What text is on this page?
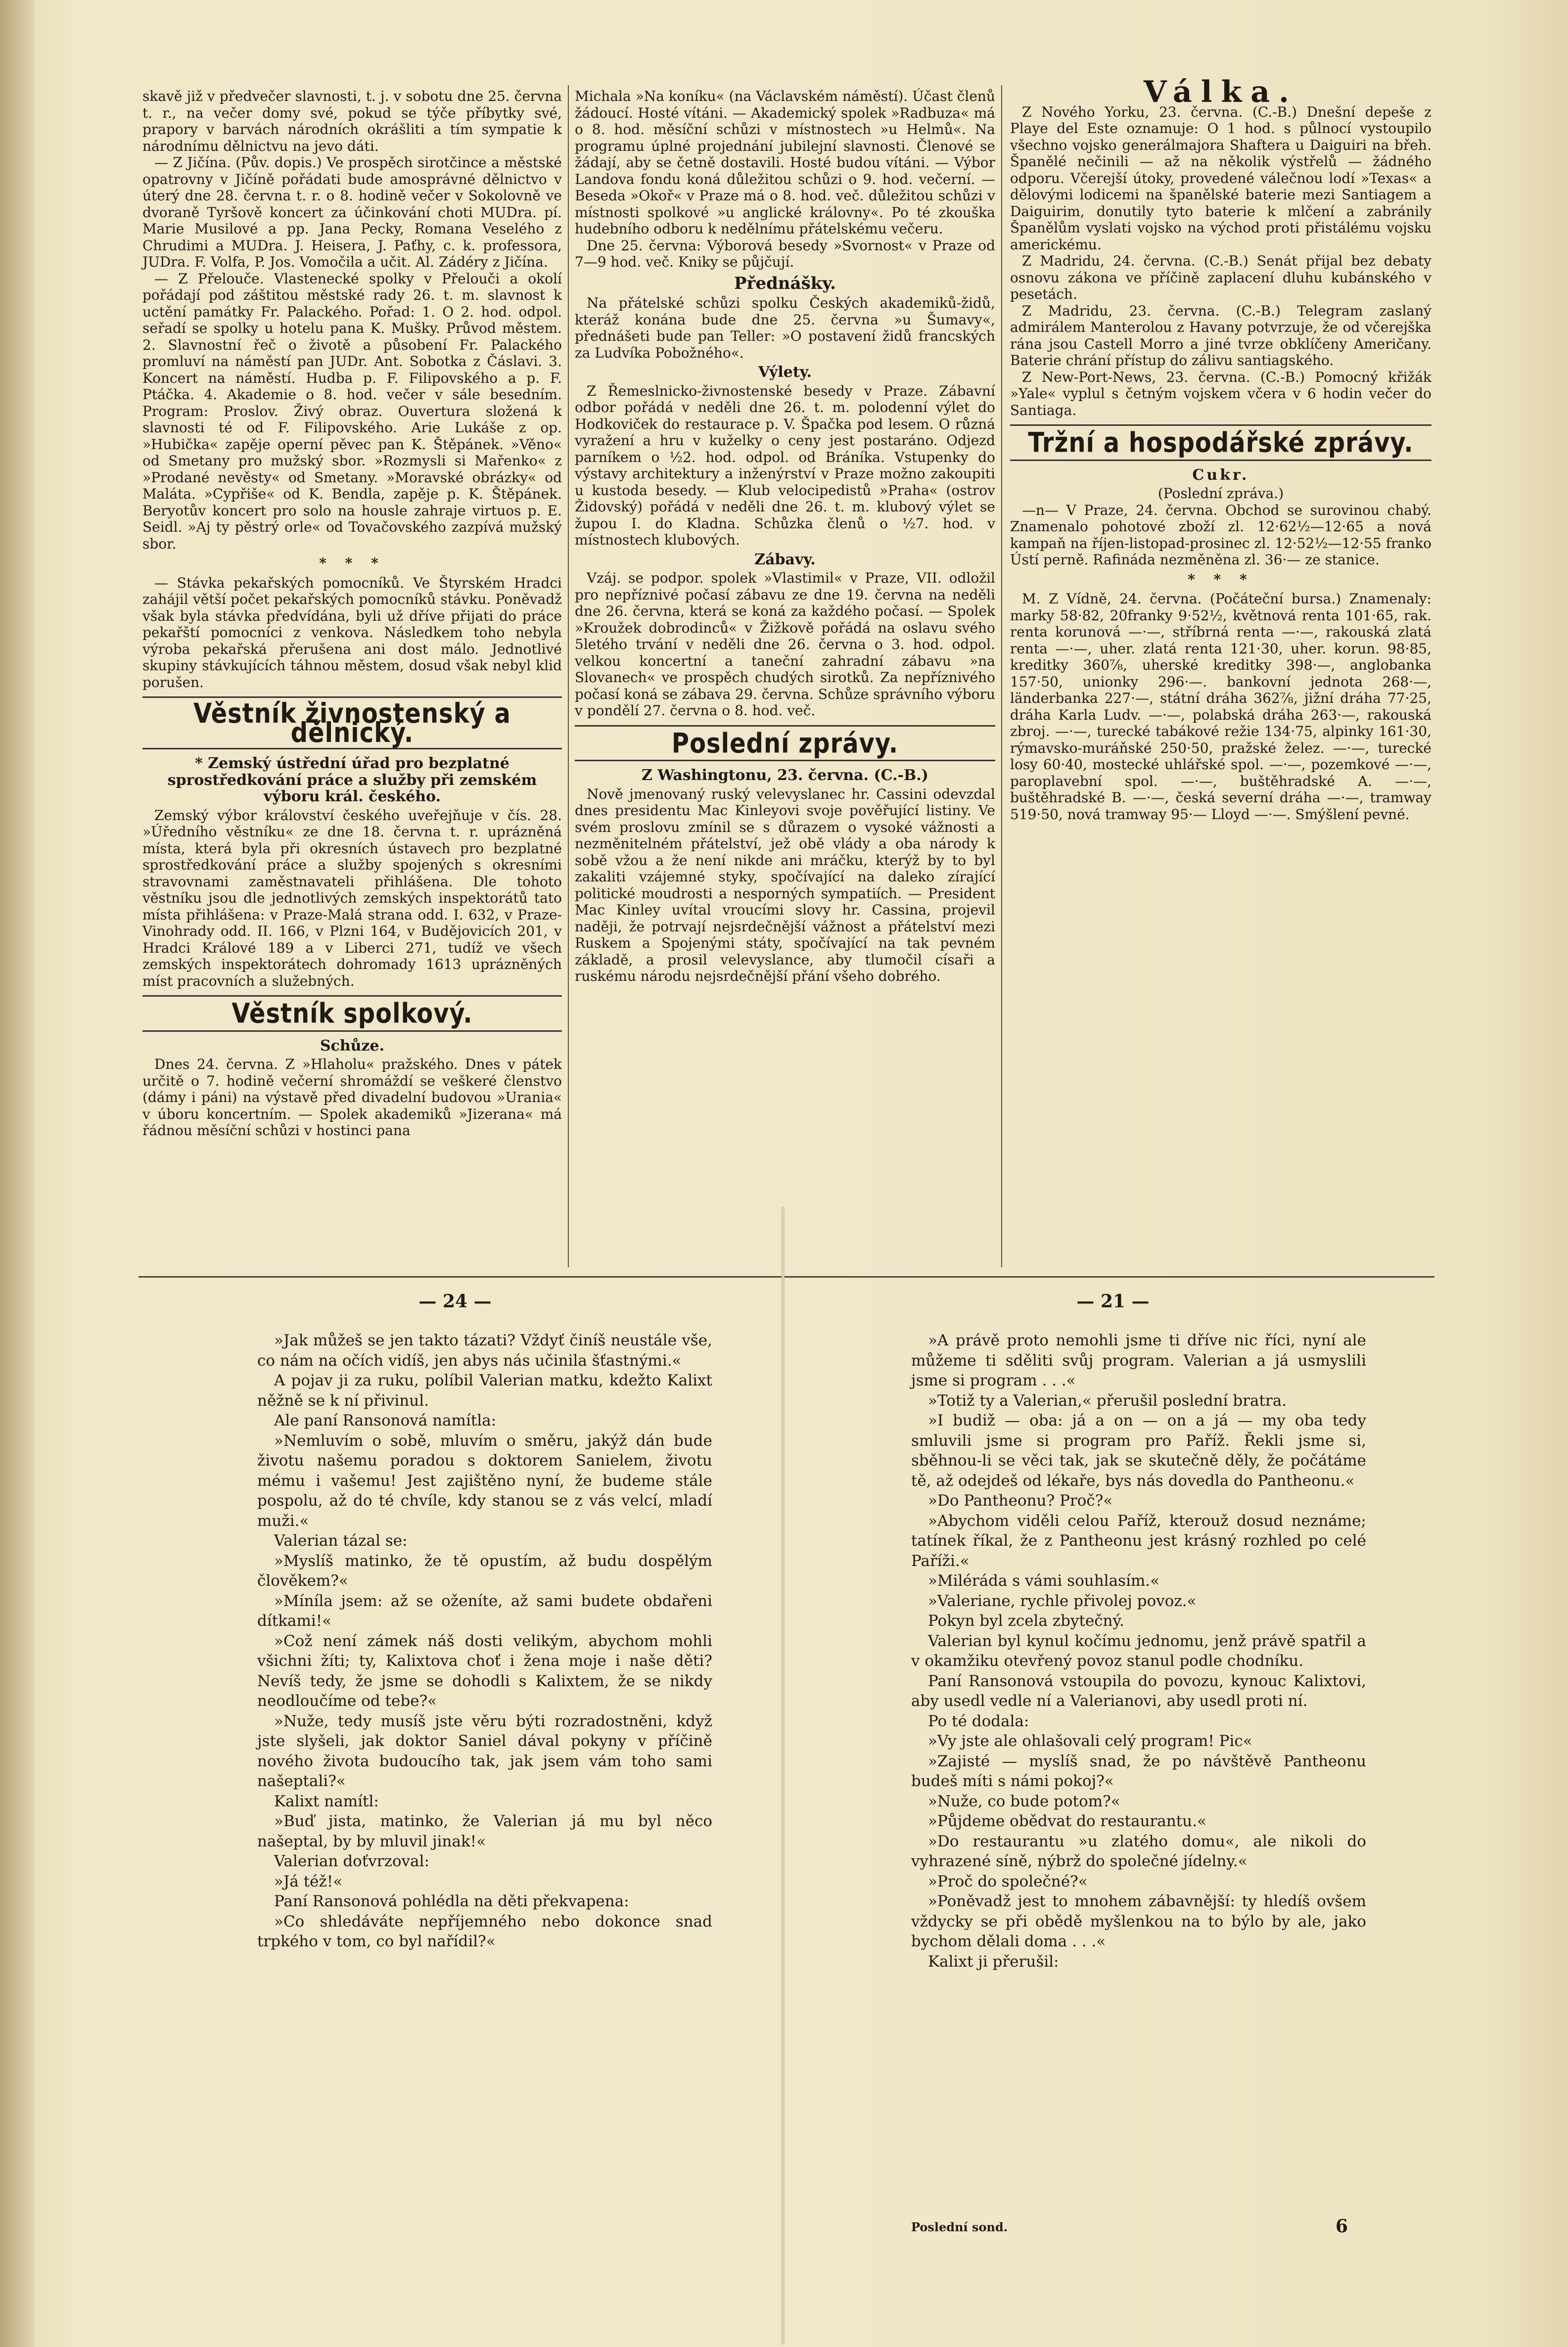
skavě již v předvečer slavnosti, t. j. v sobotu dne 25. června t. r., na večer domy své, pokud se týče příbytky své, prapory v barvách národních okrášliti a tím sympatie k národnímu dělnictvu na jevo dáti.

— Z Jičína. (Pův. dopis.) Ve prospěch sirotčince a městské opatrovny v Jičíně pořádati bude amosprávné dělnictvo v úterý dne 28. června t. r. o 8. hodině večer v Sokolovně ve dvoraně Tyršově koncert za účinkování choti MUDra. pí. Marie Musilové a pp. Jana Pecky, Romana Veselého z Chrudimi a MUDra. J. Heisera, J. Paťhy, c. k. professora, JUDra. F. Volfa, P. Jos. Vomočila a učit. Al. Zádéry z Jičína.

— Z Přelouče. Vlastenecké spolky v Přelouči a okolí pořádají pod záštitou městské rady 26. t. m. slavnost k uctění památky Fr. Palackého. Pořad: 1. O 2. hod. odpol. seřadí se spolky u hotelu pana K. Mušky. Průvod městem. 2. Slavnostní řeč o životě a působení Fr. Palackého promluví na náměstí pan JUDr. Ant. Sobotka z Čáslavi. 3. Koncert na náměstí. Hudba p. F. Filipovského a p. F. Ptáčka. 4. Akademie o 8. hod. večer v sále besedním. Program: Proslov. Živý obraz. Ouvertura složená k slavnosti té od F. Filipovského. Arie Lukáše z op. »Hubička« zapěje operní pěvec pan K. Štěpánek. »Věno« od Smetany pro mužský sbor. »Rozmysli si Mařenko« z »Prodané nevěsty« od Smetany. »Moravské obrázky« od Maláta. »Cypřiše« od K. Bendla, zapěje p. K. Štěpánek. Beryotův koncert pro solo na housle zahraje virtuos p. E. Seidl. »Aj ty pěstrý orle« od Tovačovského zazpívá mužský sbor.

* * *

— Stávka pekařských pomocníků. Ve Štyrském Hradci zahájil větší počet pekařských pomocníků stávku. Poněvadž však byla stávka předvídána, byli už dříve přijati do práce pekařští pomocníci z venkova. Následkem toho nebyla výroba pekařská přerušena ani dost málo. Jednotlivé skupiny stávkujících táhnou městem, dosud však nebyl klid porušen.

Věstník živnostenský a dělnický.
* Zemský ústřední úřad pro bezplatné sprostředkování práce a služby při zemském výboru král. českého.

Zemský výbor království českého uveřejňuje v čís. 28. »Úředního věstníku« ze dne 18. června t. r. uprázněná místa, která byla při okresních ústavech pro bezplatné sprostředkování práce a služby spojených s okresními stravovnami zaměstnavateli přihlášena. Dle tohoto věstníku jsou dle jednotlivých zemských inspektorátů tato místa přihlášena: v Praze-Malá strana odd. I. 632, v Praze-Vinohrady odd. II. 166, v Plzni 164, v Budějovicích 201, v Hradci Králové 189 a v Liberci 271, tudíž ve všech zemských inspektorátech dohromady 1613 uprázněných míst pracovních a služebných.

Věstník spolkový.
Schůze.

Dnes 24. června. Z »Hlaholu« pražského. Dnes v pátek určitě o 7. hodině večerní shromáždí se veškeré členstvo (dámy i páni) na výstavě před divadelní budovou »Urania« v úboru koncertním. — Spolek akademiků »Jizerana« má řádnou měsíční schůzi v hostinci pana

Michala »Na koníku« (na Václavském náměstí). Účast členů žádoucí. Hosté vítáni. — Akademický spolek »Radbuza« má o 8. hod. měsíční schůzi v místnostech »u Helmů«. Na programu úplné projednání jubilejní slavnosti. Členové se žádají, aby se četně dostavili. Hosté budou vítáni. — Výbor Landova fondu koná důležitou schůzi o 9. hod. večerní. — Beseda »Okoř« v Praze má o 8. hod. več. důležitou schůzi v místnosti spolkové »u anglické královny«. Po té zkouška hudebního odboru k nedělnímu přátelskému večeru.

Dne 25. června: Výborová besedy »Svornost« v Praze od 7—9 hod. več. Kniky se půjčují.

Přednášky.

Na přátelské schůzi spolku Českých akademiků-židů, kteráž konána bude dne 25. června »u Šumavy«, přednášeti bude pan Teller: »O postavení židů francských za Ludvíka Pobožného«.

Výlety.

Z Řemeslnicko-živnostenské besedy v Praze. Zábavní odbor pořádá v neděli dne 26. t. m. polodenní výlet do Hodkoviček do restaurace p. V. Špačka pod lesem. O různá vyražení a hru v kuželky o ceny jest postaráno. Odjezd parníkem o ½2. hod. odpol. od Bráníka. Vstupenky do výstavy architektury a inženýrství v Praze možno zakoupiti u kustoda besedy. — Klub velocipedistů »Praha« (ostrov Židovský) pořádá v neděli dne 26. t. m. klubový výlet se župou I. do Kladna. Schůzka členů o ½7. hod. v místnostech klubových.

Zábavy.

Vzáj. se podpor. spolek »Vlastimil« v Praze, VII. odložil pro nepříznivé počasí zábavu ze dne 19. června na neděli dne 26. června, která se koná za každého počasí. — Spolek »Kroužek dobrodinců« v Žižkově pořádá na oslavu svého 5letého trvání v neděli dne 26. června o 3. hod. odpol. velkou koncertní a taneční zahradní zábavu »na Slovanech« ve prospěch chudých sirotků. Za nepříznivého počasí koná se zábava 29. června. Schůze správního výboru v pondělí 27. června o 8. hod. več.

Poslední zprávy.
Z Washingtonu, 23. června. (C.-B.)

Nově jmenovaný ruský velevyslanec hr. Cassini odevzdal dnes presidentu Mac Kinleyovi svoje pověřující listiny. Ve svém proslovu zmínil se s důrazem o vysoké vážnosti a nezměnitelném přátelství, jež obě vlády a oba národy k sobě vžou a že není nikde ani mráčku, kterýž by to byl zakaliti vzájemné styky, spočívající na daleko zírající politické moudrosti a nesporných sympatiích. — President Mac Kinley uvítal vroucími slovy hr. Cassina, projevil naději, že potrvají nejsrdečnější vážnost a přátelství mezi Ruskem a Spojenými státy, spočívající na tak pevném základě, a prosil velevyslance, aby tlumočil císaři a ruskému národu nejsrdečnější přání všeho dobrého.

Válka.

Z Nového Yorku, 23. června. (C.-B.) Dnešní depeše z Playe del Este oznamuje: O 1 hod. s půlnocí vystoupilo všechno vojsko generálmajora Shaftera u Daiguiri na břeh. Španělé nečinili — až na několik výstřelů — žádného odporu. Včerejší útoky, provedené válečnou lodí »Texas« a dělovými lodicemi na španělské baterie mezi Santiagem a Daiguirim, donutily tyto baterie k mlčení a zabránily Španělům vyslati vojsko na východ proti přistálému vojsku americkému.

Z Madridu, 24. června. (C.-B.) Senát přijal bez debaty osnovu zákona ve příčině zaplacení dluhu kubánského v pesetách.

Z Madridu, 23. června. (C.-B.) Telegram zaslaný admirálem Manterolou z Havany potvrzuje, že od včerejška rána jsou Castell Morro a jiné tvrze obklíčeny Američany. Baterie chrání přístup do zálivu santiagského.

Z New-Port-News, 23. června. (C.-B.) Pomocný křižák »Yale« vyplul s četným vojskem včera v 6 hodin večer do Santiaga.

Tržní a hospodářské zprávy.
Cukr.
(Poslední zpráva.)

—n— V Praze, 24. června. Obchod se surovinou chabý. Znamenalo pohotové zboží zl. 12·62½—12·65 a nová kampaň na říjen-listopad-prosinec zl. 12·52½—12·55 franko Ústí perně. Rafinádа nezměněna zl. 36·— ze stanice.

* * *

M. Z Vídně, 24. června. (Počáteční bursa.) Znamenaly: marky 58·82, 20franky 9·52½, květnová renta 101·65, rak. renta korunová —·—, stříbrná renta —·—, rakouská zlatá renta —·—, uher. zlatá renta 121·30, uher. korun. 98·85, kreditky 360⅞, uherské kreditky 398·—, anglobanka 157·50, unionky 296·—. bankovní jednota 268·—, länderbanka 227·—, státní dráha 362⅞, jižní dráha 77·25, dráha Karla Ludv. —·—, polabská dráha 263·—, rakouská zbroj. —·—, turecké tabákové režie 134·75, alpinky 161·30, rýmavsko-muráňské 250·50, pražské želez. —·—, turecké losy 60·40, mostecké uhlářské spol. —·—, pozemkové —·—, paroplavební spol. —·—, buštěhradské A. —·—, buštěhradské B. —·—, česká severní dráha —·—, tramway 519·50, nová tramway 95·— Lloyd —·—. Smýšlení pevné.

— 24 —	— 21 —

»Jak můžeš se jen takto tázati? Vždyť činíš neustále vše, co nám na očích vidíš, jen abys nás učinila šťastnými.«

A pojav ji za ruku, políbil Valerian matku, kdežto Kalixt něžně se k ní přivinul.

Ale paní Ransonová namítla:

»Nemluvím o sobě, mluvím o směru, jakýž dán bude životu našemu poradou s doktorem Sanielem, životu mému i vašemu! Jest zajištěno nyní, že budeme stále pospolu, až do té chvíle, kdy stanou se z vás velcí, mladí muži.«

Valerian tázal se:

»Myslíš matinko, že tě opustím, až budu dospělým člověkem?«

»Míníla jsem: až se oženíte, až sami budete obdařeni dítkami!«

»Což není zámek náš dosti velikým, abychom mohli všichni žíti; ty, Kalixtova choť i žena moje i naše děti? Nevíš tedy, že jsme se dohodli s Kalixtem, že se nikdy neodloučíme od tebe?«

»Nuže, tedy musíš jste věru býti rozradostněni, když jste slyšeli, jak doktor Saniel dával pokyny v příčině nového života budoucího tak, jak jsem vám toho sami našeptali?«

Kalixt namítl:

»Buď jista, matinko, že Valerian já mu byl něco našeptal, by by mluvil jinak!«

Valerian doťvrzoval:

»Já též!«

Paní Ransonová pohlédla na děti překvapena:

»Co shledáváte nepříjemného nebo dokonce snad trpkého v tom, co byl nařídil?«

»A právě proto nemohli jsme ti dříve nic říci, nyní ale můžeme ti sděliti svůj program. Valerian a já usmyslili jsme si program . . .«

»Totiž ty a Valerian,« přerušil poslední bratra.

»I budiž — oba: já a on — on a já — my oba tedy smluvili jsme si program pro Paříž. Řekli jsme si, sběhnou-li se věci tak, jak se skutečně děly, že počátáme tě, až odejdeš od lékaře, bys nás dovedla do Pantheonu.«

»Do Pantheonu? Proč?«

»Abychom viděli celou Paříž, kterouž dosud neznáme; tatínek říkal, že z Pantheonu jest krásný rozhled po celé Paříži.«

»Miléráda s vámi souhlasím.«

»Valeriane, rychle přivolej povoz.«

Pokyn byl zcela zbytečný.

Valerian byl kynul kočímu jednomu, jenž právě spatřil a v okamžiku otevřený povoz stanul podle chodníku.

Paní Ransonová vstoupila do povozu, kynouc Kalixtovi, aby usedl vedle ní a Valerianovi, aby usedl proti ní.

Po té dodala:

»Vy jste ale ohlašovali celý program! Pic«

»Zajisté — myslíš snad, že po návštěvě Pantheonu budeš míti s námi pokoj?«

»Nuže, co bude potom?«

»Půjdeme obědvat do restaurantu.«

»Do restaurantu »u zlatého domu«, ale nikoli do vyhrazené síně, nýbrž do společné jídelny.«

»Proč do společné?«

»Poněvadž jest to mnohem zábavnější: ty hledíš ovšem vždycky se při obědě myšlenkou na to býlo by ale, jako bychom dělali doma . . .«

Kalixt ji přerušil:

Poslední sond.	6
